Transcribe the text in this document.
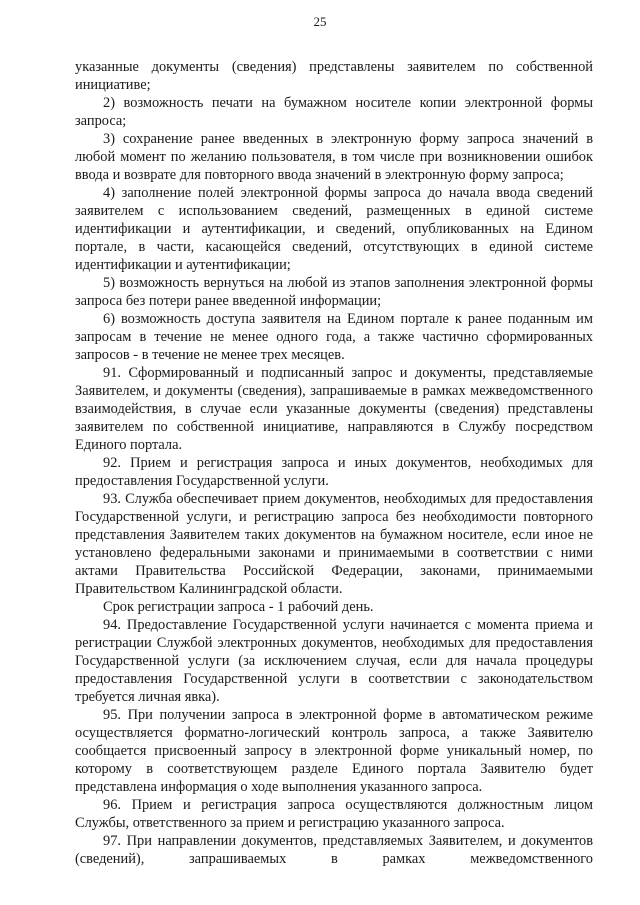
25

указанные документы (сведения) представлены заявителем по собственной инициативе;

2) возможность печати на бумажном носителе копии электронной формы запроса;

3) сохранение ранее введенных в электронную форму запроса значений в любой момент по желанию пользователя, в том числе при возникновении ошибок ввода и возврате для повторного ввода значений в электронную форму запроса;

4) заполнение полей электронной формы запроса до начала ввода сведений заявителем с использованием сведений, размещенных в единой системе идентификации и аутентификации, и сведений, опубликованных на Едином портале, в части, касающейся сведений, отсутствующих в единой системе идентификации и аутентификации;

5) возможность вернуться на любой из этапов заполнения электронной формы запроса без потери ранее введенной информации;

6) возможность доступа заявителя на Едином портале к ранее поданным им запросам в течение не менее одного года, а также частично сформированных запросов - в течение не менее трех месяцев.

91. Сформированный и подписанный запрос и документы, представляемые Заявителем, и документы (сведения), запрашиваемые в рамках межведомственного взаимодействия, в случае если указанные документы (сведения) представлены заявителем по собственной инициативе, направляются в Службу посредством Единого портала.

92. Прием и регистрация запроса и иных документов, необходимых для предоставления Государственной услуги.

93. Служба обеспечивает прием документов, необходимых для предоставления Государственной услуги, и регистрацию запроса без необходимости повторного представления Заявителем таких документов на бумажном носителе, если иное не установлено федеральными законами и принимаемыми в соответствии с ними актами Правительства Российской Федерации, законами, принимаемыми Правительством Калининградской области.

Срок регистрации запроса - 1 рабочий день.

94. Предоставление Государственной услуги начинается с момента приема и регистрации Службой электронных документов, необходимых для предоставления Государственной услуги (за исключением случая, если для начала процедуры предоставления Государственной услуги в соответствии с законодательством требуется личная явка).

95. При получении запроса в электронной форме в автоматическом режиме осуществляется форматно-логический контроль запроса, а также Заявителю сообщается присвоенный запросу в электронной форме уникальный номер, по которому в соответствующем разделе Единого портала Заявителю будет представлена информация о ходе выполнения указанного запроса.

96. Прием и регистрация запроса осуществляются должностным лицом Службы, ответственного за прием и регистрацию указанного запроса.

97. При направлении документов, представляемых Заявителем, и документов (сведений), запрашиваемых в рамках межведомственного
